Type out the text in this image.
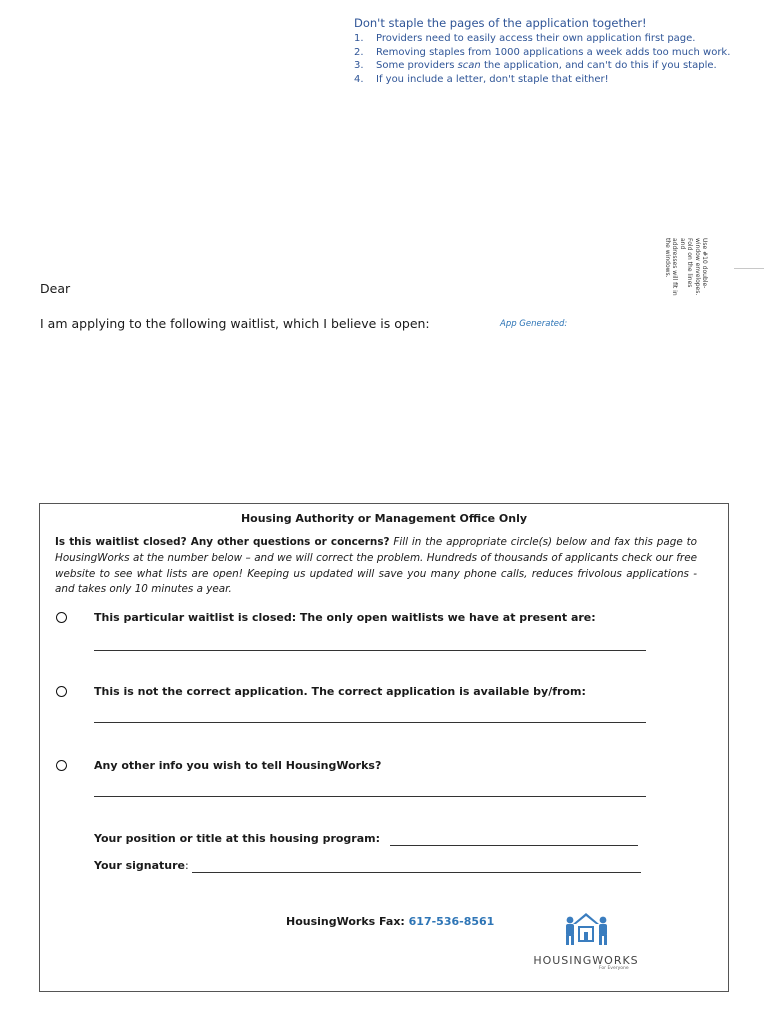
Don't staple the pages of the application together!
1.	Providers need to easily access their own application first page.
2.	Removing staples from 1000 applications a week adds too much work.
3.	Some providers scan the application, and can't do this if you staple.
4.	If you include a letter, don't staple that either!
Use #10 double-
window envelopes.
Fold on the lines and
addresses will fit in
the windows.
Dear
I am applying to the following waitlist, which I believe is open:	App Generated:
Housing Authority or Management Office Only
Is this waitlist closed? Any other questions or concerns? Fill in the appropriate circle(s) below and fax this page to HousingWorks at the number below – and we will correct the problem. Hundreds of thousands of applicants check our free website to see what lists are open! Keeping us updated will save you many phone calls, reduces frivolous applications - and takes only 10 minutes a year.
This particular waitlist is closed: The only open waitlists we have at present are:
This is not the correct application. The correct application is available by/from:
Any other info you wish to tell HousingWorks?
Your position or title at this housing program:
Your signature:
HousingWorks Fax: 617-536-8561
HOUSINGWORKS
For Everyone
